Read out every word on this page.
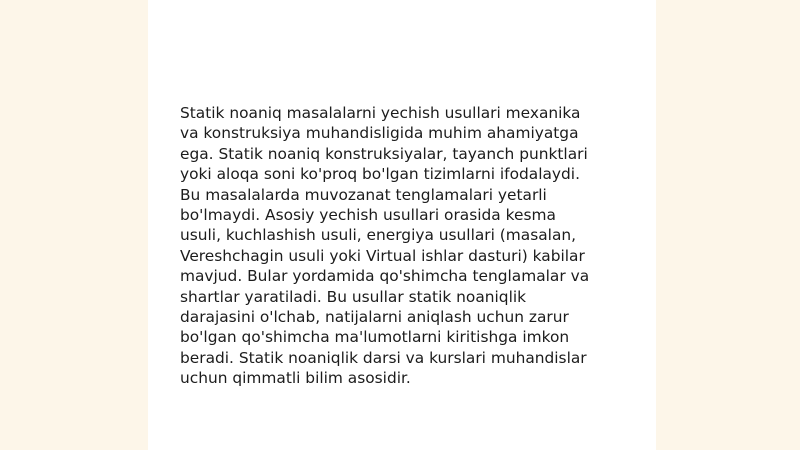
Statik noaniq masalalarni yechish usullari mexanika
va konstruksiya muhandisligida muhim ahamiyatga
ega. Statik noaniq konstruksiyalar, tayanch punktlari
yoki aloqa soni ko'proq bo'lgan tizimlarni ifodalaydi.
Bu masalalarda muvozanat tenglamalari yetarli
bo'lmaydi. Asosiy yechish usullari orasida kesma
usuli, kuchlashish usuli, energiya usullari (masalan,
Vereshchagin usuli yoki Virtual ishlar dasturi) kabilar
mavjud. Bular yordamida qo'shimcha tenglamalar va
shartlar yaratiladi. Bu usullar statik noaniqlik
darajasini o'lchab, natijalarni aniqlash uchun zarur
bo'lgan qo'shimcha ma'lumotlarni kiritishga imkon
beradi. Statik noaniqlik darsi va kurslari muhandislar
uchun qimmatli bilim asosidir.
